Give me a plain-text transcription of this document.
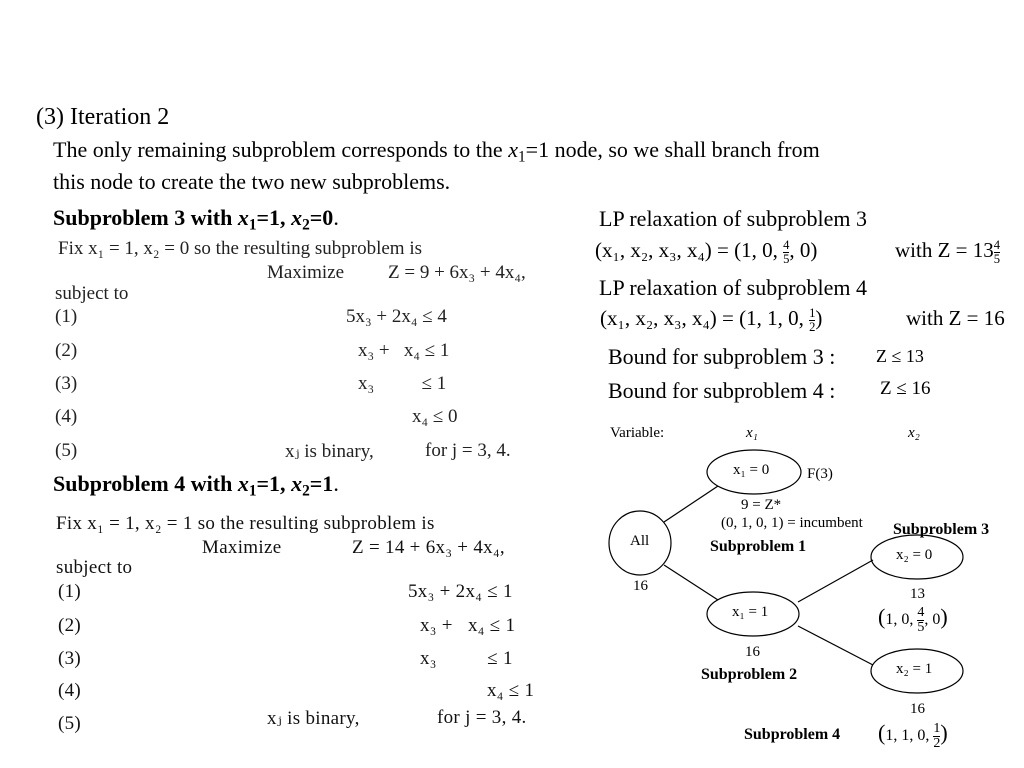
(3) Iteration 2
The only remaining subproblem corresponds to the $x_1=1$ node, so we shall branch from
this node to create the two new subproblems.
Subproblem 3 with $x_1=1$, $x_2=0$.
Fix x₁ = 1, x₂ = 0 so the resulting subproblem is
Maximize Z = 9 + 6x₃ + 4x₄,
subject to
(1)	5x₃ + 2x₄ ≤ 4
(2)	x₃ +   x₄ ≤ 1
(3)	x₃          ≤ 1
(4)	x₄ ≤ 0
(5)	xⱼ is binary,	for j = 3, 4.
Subproblem 4 with $x_1=1$, $x_2=1$.
Fix x₁ = 1, x₂ = 1 so the resulting subproblem is
Maximize	Z = 14 + 6x₃ + 4x₄,
subject to
(1)	5x₃ + 2x₄ ≤ 1
(2)	x₃ +   x₄ ≤ 1
(3)	x₃          ≤ 1
(4)	x₄ ≤ 1
(5)	xⱼ is binary,	for j = 3, 4.
LP relaxation of subproblem 3
(x₁, x₂, x₃, x₄) = (1, 0, $\frac{4}{5}$ , 0)	with $Z = 13 \frac{4}{5}$
LP relaxation of subproblem 4
(x₁, x₂, x₃, x₄) = (1, 1, 0, $\frac{1}{2}$ )	with Z = 16
Bound for subproblem 3 : Z ≤ 13
Bound for subproblem 4 : Z ≤ 16
Variable:	x₁	x₂
All
16
x₁ = 0	F(3)
9 = Z*
(0, 1, 0, 1) = incumbent
x₁ = 1
16
x₂ = 0
13
(1, 0, $\frac{4}{5}$ , 0)
x₂ = 1
16
(1, 1, 0, $\frac{1}{2}$ )
Subproblem 1
Subproblem 2
Subproblem 3
Subproblem 4
